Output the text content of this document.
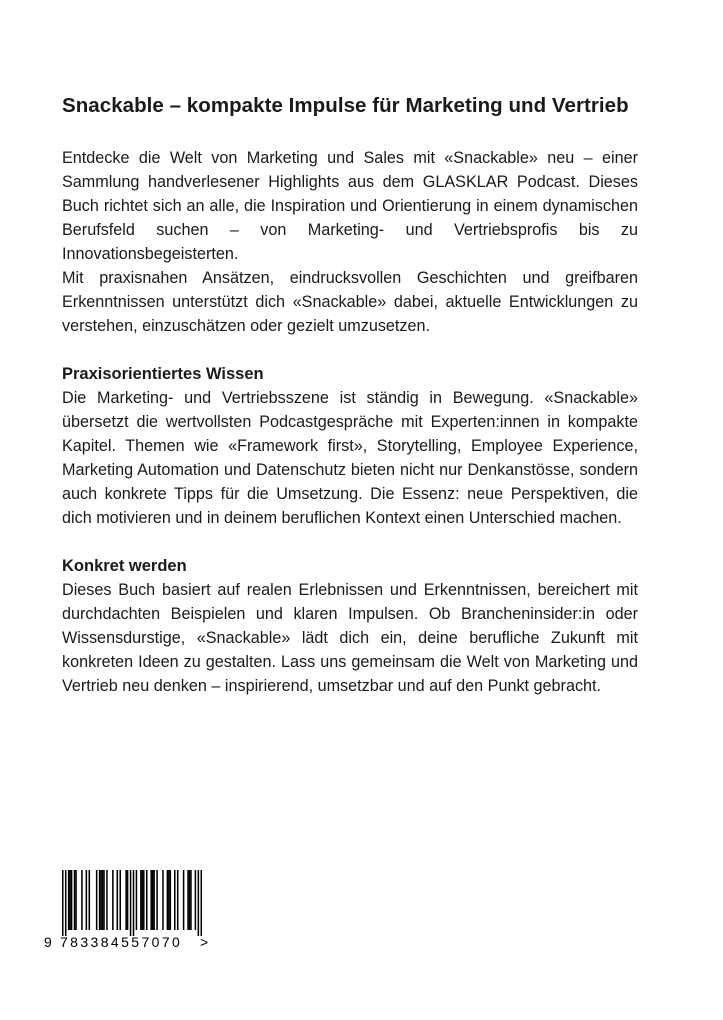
Snackable – kompakte Impulse für Marketing und Vertrieb

Entdecke die Welt von Marketing und Sales mit «Snackable» neu – einer Sammlung handverlesener Highlights aus dem GLASKLAR Podcast. Dieses Buch richtet sich an alle, die Inspiration und Orientierung in einem dynamischen Berufsfeld suchen – von Marketing- und Vertriebsprofis bis zu Innovationsbegeisterten.

Mit praxisnahen Ansätzen, eindrucksvollen Geschichten und greifbaren Erkenntnissen unterstützt dich «Snackable» dabei, aktuelle Entwicklungen zu verstehen, einzuschätzen oder gezielt umzusetzen.

Praxisorientiertes Wissen

Die Marketing- und Vertriebsszene ist ständig in Bewegung. «Snackable» übersetzt die wertvollsten Podcastgespräche mit Experten:innen in kompakte Kapitel. Themen wie «Framework first», Storytelling, Employee Experience, Marketing Automation und Datenschutz bieten nicht nur Denkanstösse, sondern auch konkrete Tipps für die Umsetzung. Die Essenz: neue Perspektiven, die dich motivieren und in deinem beruflichen Kontext einen Unterschied machen.

Konkret werden

Dieses Buch basiert auf realen Erlebnissen und Erkenntnissen, bereichert mit durchdachten Beispielen und klaren Impulsen. Ob Brancheninsider:in oder Wissensdurstige, «Snackable» lädt dich ein, deine berufliche Zukunft mit konkreten Ideen zu gestalten. Lass uns gemeinsam die Welt von Marketing und Vertrieb neu denken – inspirierend, umsetzbar und auf den Punkt gebracht.

9 783384557070 >
